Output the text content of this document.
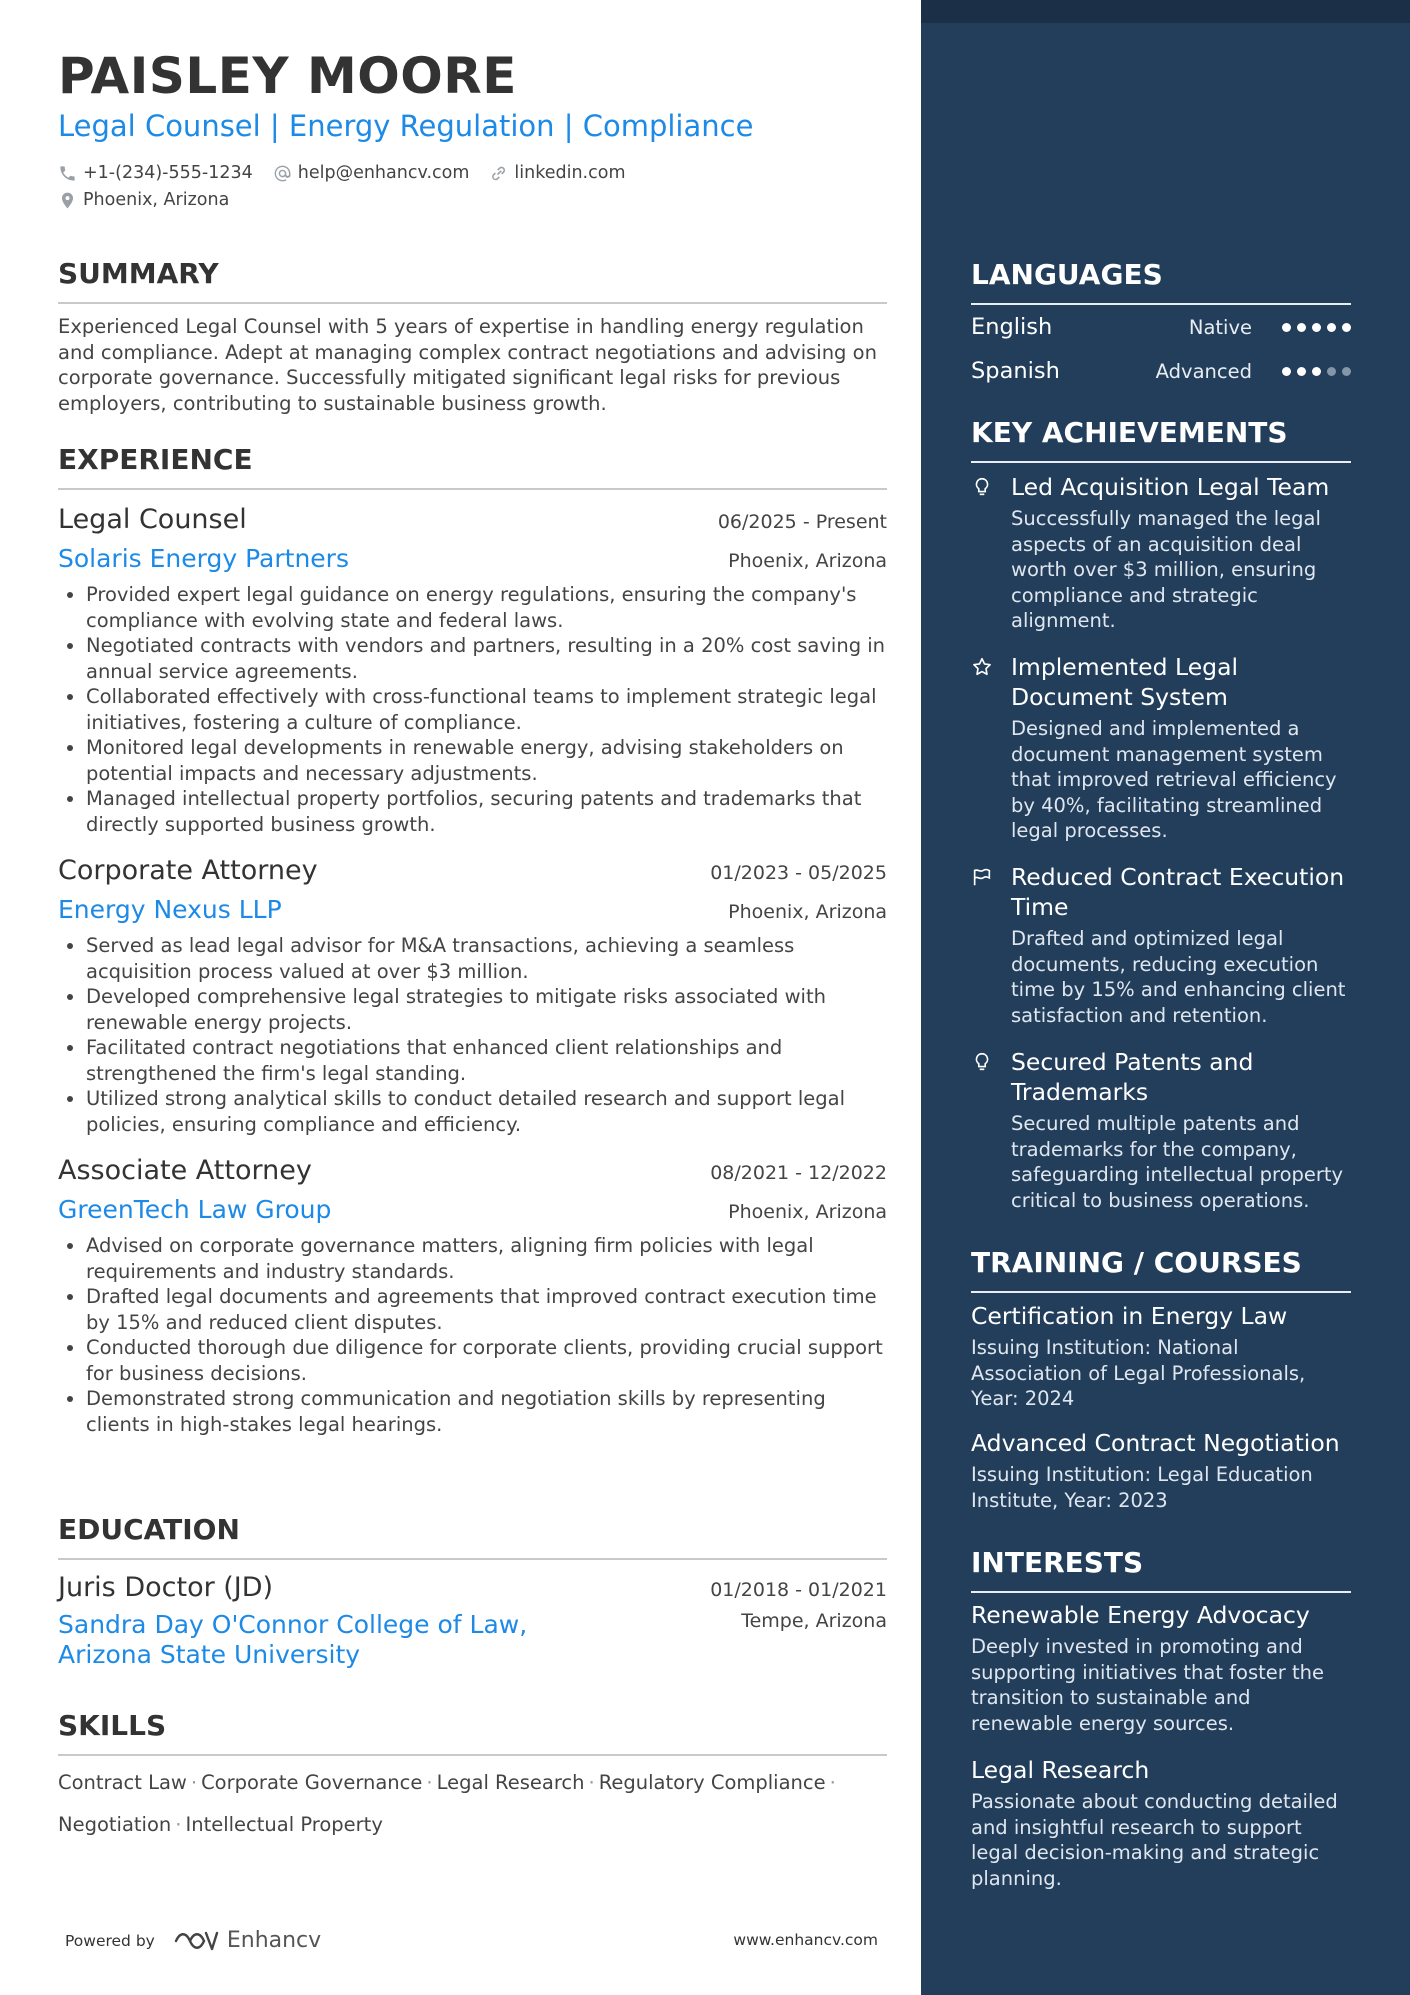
PAISLEY MOORE
Legal Counsel | Energy Regulation | Compliance
+1-(234)-555-1234	help@enhancv.com	linkedin.com
Phoenix, Arizona
SUMMARY
Experienced Legal Counsel with 5 years of expertise in handling energy regulation and compliance. Adept at managing complex contract negotiations and advising on corporate governance. Successfully mitigated significant legal risks for previous employers, contributing to sustainable business growth.
EXPERIENCE
Legal Counsel	06/2025 - Present
Solaris Energy Partners	Phoenix, Arizona
• Provided expert legal guidance on energy regulations, ensuring the company's compliance with evolving state and federal laws.
• Negotiated contracts with vendors and partners, resulting in a 20% cost saving in annual service agreements.
• Collaborated effectively with cross-functional teams to implement strategic legal initiatives, fostering a culture of compliance.
• Monitored legal developments in renewable energy, advising stakeholders on potential impacts and necessary adjustments.
• Managed intellectual property portfolios, securing patents and trademarks that directly supported business growth.
Corporate Attorney	01/2023 - 05/2025
Energy Nexus LLP	Phoenix, Arizona
• Served as lead legal advisor for M&A transactions, achieving a seamless acquisition process valued at over $3 million.
• Developed comprehensive legal strategies to mitigate risks associated with renewable energy projects.
• Facilitated contract negotiations that enhanced client relationships and strengthened the firm's legal standing.
• Utilized strong analytical skills to conduct detailed research and support legal policies, ensuring compliance and efficiency.
Associate Attorney	08/2021 - 12/2022
GreenTech Law Group	Phoenix, Arizona
• Advised on corporate governance matters, aligning firm policies with legal requirements and industry standards.
• Drafted legal documents and agreements that improved contract execution time by 15% and reduced client disputes.
• Conducted thorough due diligence for corporate clients, providing crucial support for business decisions.
• Demonstrated strong communication and negotiation skills by representing clients in high-stakes legal hearings.
EDUCATION
Juris Doctor (JD)	01/2018 - 01/2021
Sandra Day O'Connor College of Law, Arizona State University
Tempe, Arizona
SKILLS
Contract Law · Corporate Governance · Legal Research · Regulatory Compliance ·
Negotiation · Intellectual Property
Powered by	Enhancv	www.enhancv.com
LANGUAGES
English	Native
Spanish	Advanced
KEY ACHIEVEMENTS
Led Acquisition Legal Team
Successfully managed the legal aspects of an acquisition deal worth over $3 million, ensuring compliance and strategic alignment.
Implemented Legal Document System
Designed and implemented a document management system that improved retrieval efficiency by 40%, facilitating streamlined legal processes.
Reduced Contract Execution Time
Drafted and optimized legal documents, reducing execution time by 15% and enhancing client satisfaction and retention.
Secured Patents and Trademarks
Secured multiple patents and trademarks for the company, safeguarding intellectual property critical to business operations.
TRAINING / COURSES
Certification in Energy Law
Issuing Institution: National Association of Legal Professionals, Year: 2024
Advanced Contract Negotiation
Issuing Institution: Legal Education Institute, Year: 2023
INTERESTS
Renewable Energy Advocacy
Deeply invested in promoting and supporting initiatives that foster the transition to sustainable and renewable energy sources.
Legal Research
Passionate about conducting detailed and insightful research to support legal decision-making and strategic planning.
